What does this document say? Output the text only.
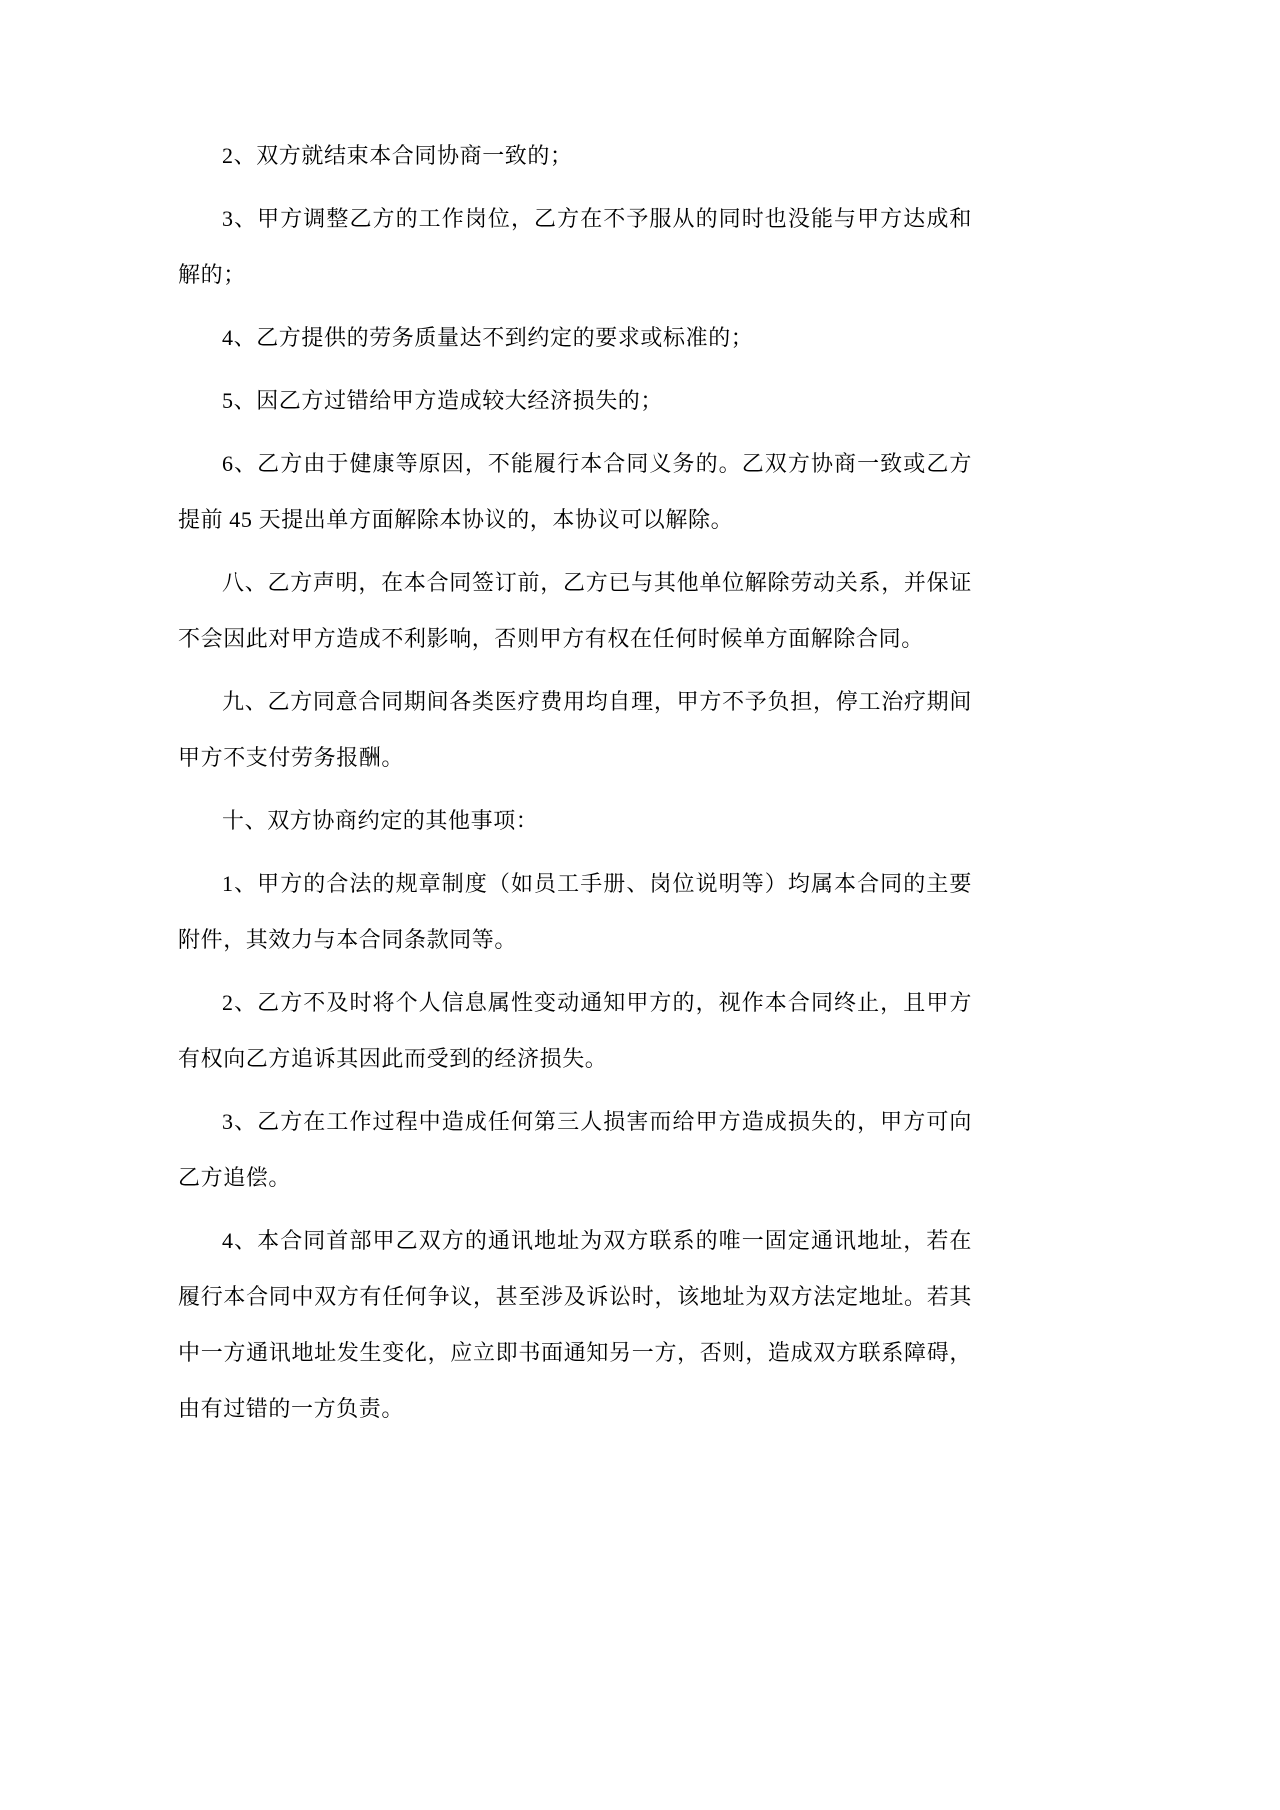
2、双方就结束本合同协商一致的；

3、甲方调整乙方的工作岗位，乙方在不予服从的同时也没能与甲方达成和解的；

4、乙方提供的劳务质量达不到约定的要求或标准的；

5、因乙方过错给甲方造成较大经济损失的；

6、乙方由于健康等原因，不能履行本合同义务的。乙双方协商一致或乙方提前 45 天提出单方面解除本协议的，本协议可以解除。

八、乙方声明，在本合同签订前，乙方已与其他单位解除劳动关系，并保证不会因此对甲方造成不利影响，否则甲方有权在任何时候单方面解除合同。

九、乙方同意合同期间各类医疗费用均自理，甲方不予负担，停工治疗期间甲方不支付劳务报酬。

十、双方协商约定的其他事项：

1、甲方的合法的规章制度（如员工手册、岗位说明等）均属本合同的主要附件，其效力与本合同条款同等。

2、乙方不及时将个人信息属性变动通知甲方的，视作本合同终止，且甲方有权向乙方追诉其因此而受到的经济损失。

3、乙方在工作过程中造成任何第三人损害而给甲方造成损失的，甲方可向乙方追偿。

4、本合同首部甲乙双方的通讯地址为双方联系的唯一固定通讯地址，若在履行本合同中双方有任何争议，甚至涉及诉讼时，该地址为双方法定地址。若其中一方通讯地址发生变化，应立即书面通知另一方，否则，造成双方联系障碍，由有过错的一方负责。
